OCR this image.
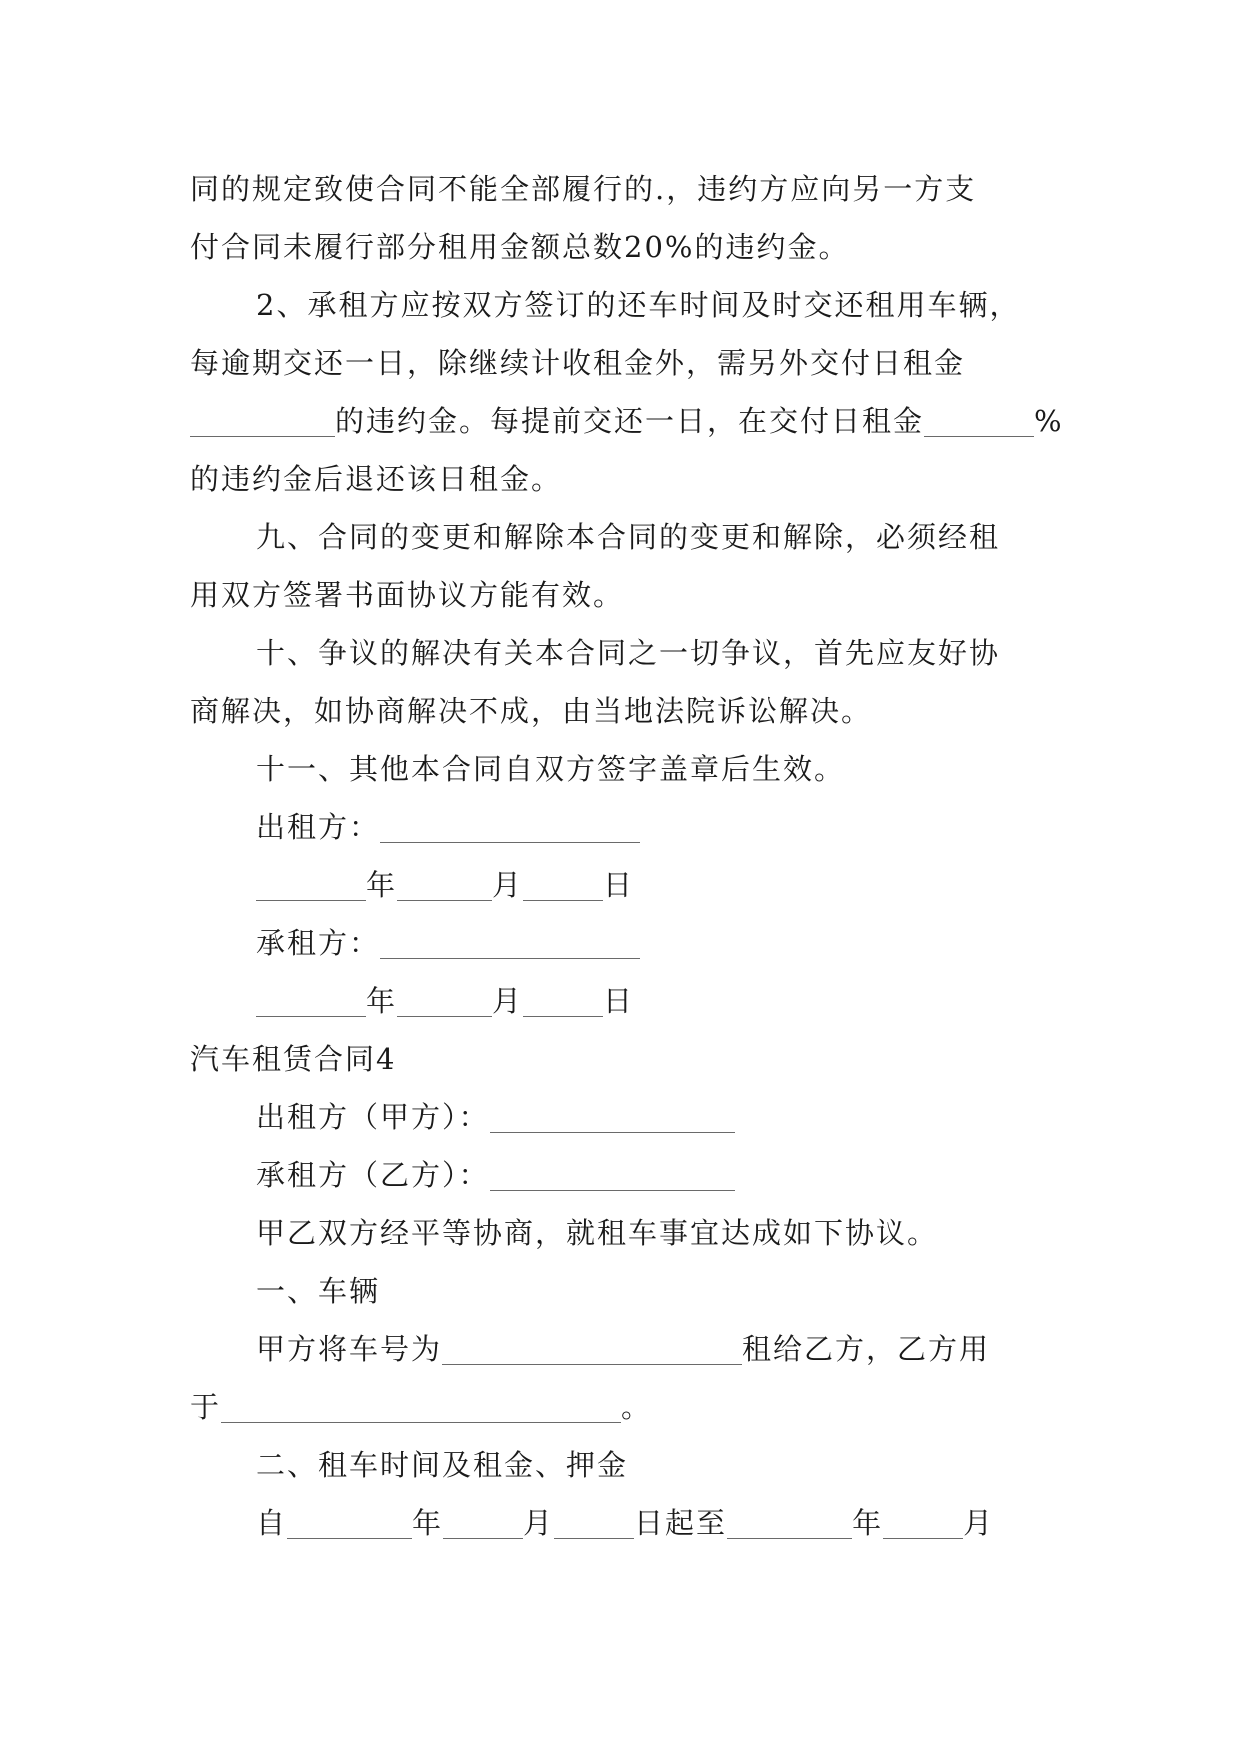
同的规定致使合同不能全部履行的.，违约方应向另一方支
付合同未履行部分租用金额总数20%的违约金。
2、承租方应按双方签订的还车时间及时交还租用车辆，
每逾期交还一日，除继续计收租金外，需另外交付日租金
的违约金。每提前交还一日，在交付日租金	%
的违约金后退还该日租金。
九、合同的变更和解除本合同的变更和解除，必须经租
用双方签署书面协议方能有效。
十、争议的解决有关本合同之一切争议，首先应友好协
商解决，如协商解决不成，由当地法院诉讼解决。
十一、其他本合同自双方签字盖章后生效。
出租方：
年	月	日
承租方：
年	月	日
汽车租赁合同4
出租方（甲方）：
承租方（乙方）：
甲乙双方经平等协商，就租车事宜达成如下协议。
一、车辆
甲方将车号为	租给乙方，乙方用
于	。
二、租车时间及租金、押金
自	年	月	日起至	年	月
